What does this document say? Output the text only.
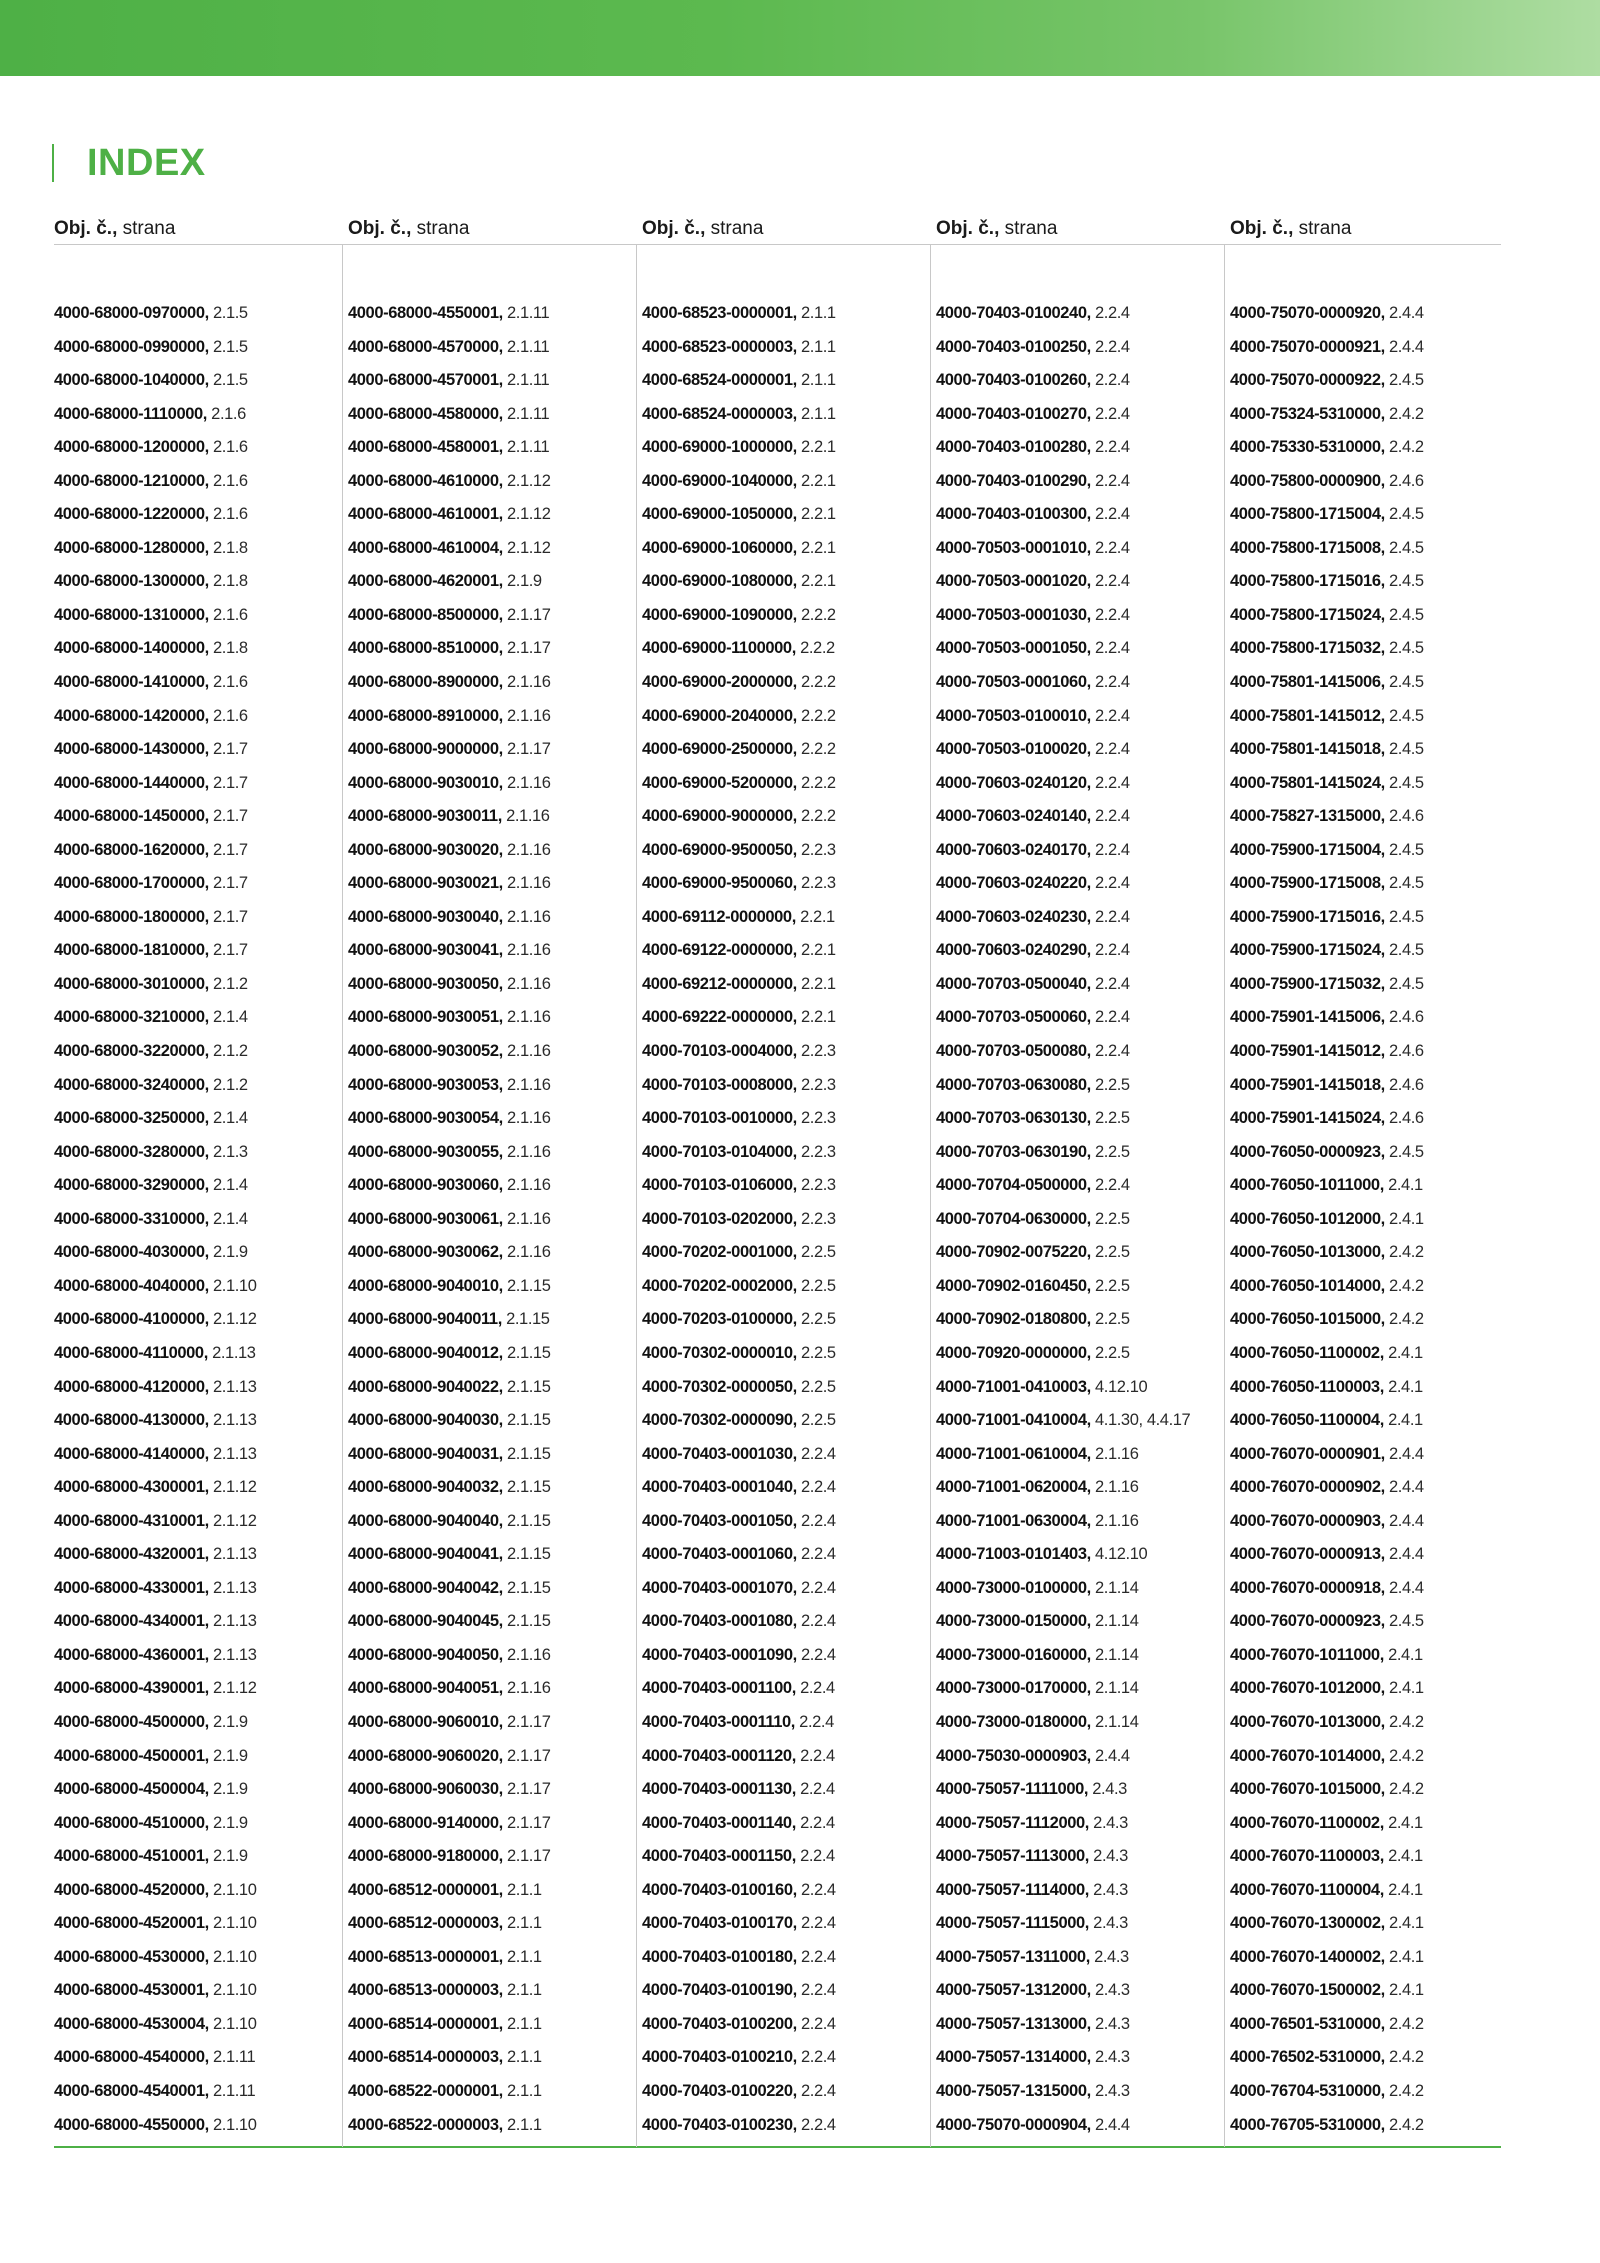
INDEX
Obj. č., strana
4000-68000-0970000, 2.1.5
4000-68000-0990000, 2.1.5
4000-68000-1040000, 2.1.5
4000-68000-1110000, 2.1.6
4000-68000-1200000, 2.1.6
4000-68000-1210000, 2.1.6
4000-68000-1220000, 2.1.6
4000-68000-1280000, 2.1.8
4000-68000-1300000, 2.1.8
4000-68000-1310000, 2.1.6
4000-68000-1400000, 2.1.8
4000-68000-1410000, 2.1.6
4000-68000-1420000, 2.1.6
4000-68000-1430000, 2.1.7
4000-68000-1440000, 2.1.7
4000-68000-1450000, 2.1.7
4000-68000-1620000, 2.1.7
4000-68000-1700000, 2.1.7
4000-68000-1800000, 2.1.7
4000-68000-1810000, 2.1.7
4000-68000-3010000, 2.1.2
4000-68000-3210000, 2.1.4
4000-68000-3220000, 2.1.2
4000-68000-3240000, 2.1.2
4000-68000-3250000, 2.1.4
4000-68000-3280000, 2.1.3
4000-68000-3290000, 2.1.4
4000-68000-3310000, 2.1.4
4000-68000-4030000, 2.1.9
4000-68000-4040000, 2.1.10
4000-68000-4100000, 2.1.12
4000-68000-4110000, 2.1.13
4000-68000-4120000, 2.1.13
4000-68000-4130000, 2.1.13
4000-68000-4140000, 2.1.13
4000-68000-4300001, 2.1.12
4000-68000-4310001, 2.1.12
4000-68000-4320001, 2.1.13
4000-68000-4330001, 2.1.13
4000-68000-4340001, 2.1.13
4000-68000-4360001, 2.1.13
4000-68000-4390001, 2.1.12
4000-68000-4500000, 2.1.9
4000-68000-4500001, 2.1.9
4000-68000-4500004, 2.1.9
4000-68000-4510000, 2.1.9
4000-68000-4510001, 2.1.9
4000-68000-4520000, 2.1.10
4000-68000-4520001, 2.1.10
4000-68000-4530000, 2.1.10
4000-68000-4530001, 2.1.10
4000-68000-4530004, 2.1.10
4000-68000-4540000, 2.1.11
4000-68000-4540001, 2.1.11
4000-68000-4550000, 2.1.10
Obj. č., strana
4000-68000-4550001, 2.1.11
4000-68000-4570000, 2.1.11
4000-68000-4570001, 2.1.11
4000-68000-4580000, 2.1.11
4000-68000-4580001, 2.1.11
4000-68000-4610000, 2.1.12
4000-68000-4610001, 2.1.12
4000-68000-4610004, 2.1.12
4000-68000-4620001, 2.1.9
4000-68000-8500000, 2.1.17
4000-68000-8510000, 2.1.17
4000-68000-8900000, 2.1.16
4000-68000-8910000, 2.1.16
4000-68000-9000000, 2.1.17
4000-68000-9030010, 2.1.16
4000-68000-9030011, 2.1.16
4000-68000-9030020, 2.1.16
4000-68000-9030021, 2.1.16
4000-68000-9030040, 2.1.16
4000-68000-9030041, 2.1.16
4000-68000-9030050, 2.1.16
4000-68000-9030051, 2.1.16
4000-68000-9030052, 2.1.16
4000-68000-9030053, 2.1.16
4000-68000-9030054, 2.1.16
4000-68000-9030055, 2.1.16
4000-68000-9030060, 2.1.16
4000-68000-9030061, 2.1.16
4000-68000-9030062, 2.1.16
4000-68000-9040010, 2.1.15
4000-68000-9040011, 2.1.15
4000-68000-9040012, 2.1.15
4000-68000-9040022, 2.1.15
4000-68000-9040030, 2.1.15
4000-68000-9040031, 2.1.15
4000-68000-9040032, 2.1.15
4000-68000-9040040, 2.1.15
4000-68000-9040041, 2.1.15
4000-68000-9040042, 2.1.15
4000-68000-9040045, 2.1.15
4000-68000-9040050, 2.1.16
4000-68000-9040051, 2.1.16
4000-68000-9060010, 2.1.17
4000-68000-9060020, 2.1.17
4000-68000-9060030, 2.1.17
4000-68000-9140000, 2.1.17
4000-68000-9180000, 2.1.17
4000-68512-0000001, 2.1.1
4000-68512-0000003, 2.1.1
4000-68513-0000001, 2.1.1
4000-68513-0000003, 2.1.1
4000-68514-0000001, 2.1.1
4000-68514-0000003, 2.1.1
4000-68522-0000001, 2.1.1
4000-68522-0000003, 2.1.1
Obj. č., strana
4000-68523-0000001, 2.1.1
4000-68523-0000003, 2.1.1
4000-68524-0000001, 2.1.1
4000-68524-0000003, 2.1.1
4000-69000-1000000, 2.2.1
4000-69000-1040000, 2.2.1
4000-69000-1050000, 2.2.1
4000-69000-1060000, 2.2.1
4000-69000-1080000, 2.2.1
4000-69000-1090000, 2.2.2
4000-69000-1100000, 2.2.2
4000-69000-2000000, 2.2.2
4000-69000-2040000, 2.2.2
4000-69000-2500000, 2.2.2
4000-69000-5200000, 2.2.2
4000-69000-9000000, 2.2.2
4000-69000-9500050, 2.2.3
4000-69000-9500060, 2.2.3
4000-69112-0000000, 2.2.1
4000-69122-0000000, 2.2.1
4000-69212-0000000, 2.2.1
4000-69222-0000000, 2.2.1
4000-70103-0004000, 2.2.3
4000-70103-0008000, 2.2.3
4000-70103-0010000, 2.2.3
4000-70103-0104000, 2.2.3
4000-70103-0106000, 2.2.3
4000-70103-0202000, 2.2.3
4000-70202-0001000, 2.2.5
4000-70202-0002000, 2.2.5
4000-70203-0100000, 2.2.5
4000-70302-0000010, 2.2.5
4000-70302-0000050, 2.2.5
4000-70302-0000090, 2.2.5
4000-70403-0001030, 2.2.4
4000-70403-0001040, 2.2.4
4000-70403-0001050, 2.2.4
4000-70403-0001060, 2.2.4
4000-70403-0001070, 2.2.4
4000-70403-0001080, 2.2.4
4000-70403-0001090, 2.2.4
4000-70403-0001100, 2.2.4
4000-70403-0001110, 2.2.4
4000-70403-0001120, 2.2.4
4000-70403-0001130, 2.2.4
4000-70403-0001140, 2.2.4
4000-70403-0001150, 2.2.4
4000-70403-0100160, 2.2.4
4000-70403-0100170, 2.2.4
4000-70403-0100180, 2.2.4
4000-70403-0100190, 2.2.4
4000-70403-0100200, 2.2.4
4000-70403-0100210, 2.2.4
4000-70403-0100220, 2.2.4
4000-70403-0100230, 2.2.4
Obj. č., strana
4000-70403-0100240, 2.2.4
4000-70403-0100250, 2.2.4
4000-70403-0100260, 2.2.4
4000-70403-0100270, 2.2.4
4000-70403-0100280, 2.2.4
4000-70403-0100290, 2.2.4
4000-70403-0100300, 2.2.4
4000-70503-0001010, 2.2.4
4000-70503-0001020, 2.2.4
4000-70503-0001030, 2.2.4
4000-70503-0001050, 2.2.4
4000-70503-0001060, 2.2.4
4000-70503-0100010, 2.2.4
4000-70503-0100020, 2.2.4
4000-70603-0240120, 2.2.4
4000-70603-0240140, 2.2.4
4000-70603-0240170, 2.2.4
4000-70603-0240220, 2.2.4
4000-70603-0240230, 2.2.4
4000-70603-0240290, 2.2.4
4000-70703-0500040, 2.2.4
4000-70703-0500060, 2.2.4
4000-70703-0500080, 2.2.4
4000-70703-0630080, 2.2.5
4000-70703-0630130, 2.2.5
4000-70703-0630190, 2.2.5
4000-70704-0500000, 2.2.4
4000-70704-0630000, 2.2.5
4000-70902-0075220, 2.2.5
4000-70902-0160450, 2.2.5
4000-70902-0180800, 2.2.5
4000-70920-0000000, 2.2.5
4000-71001-0410003, 4.12.10
4000-71001-0410004, 4.1.30, 4.4.17
4000-71001-0610004, 2.1.16
4000-71001-0620004, 2.1.16
4000-71001-0630004, 2.1.16
4000-71003-0101403, 4.12.10
4000-73000-0100000, 2.1.14
4000-73000-0150000, 2.1.14
4000-73000-0160000, 2.1.14
4000-73000-0170000, 2.1.14
4000-73000-0180000, 2.1.14
4000-75030-0000903, 2.4.4
4000-75057-1111000, 2.4.3
4000-75057-1112000, 2.4.3
4000-75057-1113000, 2.4.3
4000-75057-1114000, 2.4.3
4000-75057-1115000, 2.4.3
4000-75057-1311000, 2.4.3
4000-75057-1312000, 2.4.3
4000-75057-1313000, 2.4.3
4000-75057-1314000, 2.4.3
4000-75057-1315000, 2.4.3
4000-75070-0000904, 2.4.4
Obj. č., strana
4000-75070-0000920, 2.4.4
4000-75070-0000921, 2.4.4
4000-75070-0000922, 2.4.5
4000-75324-5310000, 2.4.2
4000-75330-5310000, 2.4.2
4000-75800-0000900, 2.4.6
4000-75800-1715004, 2.4.5
4000-75800-1715008, 2.4.5
4000-75800-1715016, 2.4.5
4000-75800-1715024, 2.4.5
4000-75800-1715032, 2.4.5
4000-75801-1415006, 2.4.5
4000-75801-1415012, 2.4.5
4000-75801-1415018, 2.4.5
4000-75801-1415024, 2.4.5
4000-75827-1315000, 2.4.6
4000-75900-1715004, 2.4.5
4000-75900-1715008, 2.4.5
4000-75900-1715016, 2.4.5
4000-75900-1715024, 2.4.5
4000-75900-1715032, 2.4.5
4000-75901-1415006, 2.4.6
4000-75901-1415012, 2.4.6
4000-75901-1415018, 2.4.6
4000-75901-1415024, 2.4.6
4000-76050-0000923, 2.4.5
4000-76050-1011000, 2.4.1
4000-76050-1012000, 2.4.1
4000-76050-1013000, 2.4.2
4000-76050-1014000, 2.4.2
4000-76050-1015000, 2.4.2
4000-76050-1100002, 2.4.1
4000-76050-1100003, 2.4.1
4000-76050-1100004, 2.4.1
4000-76070-0000901, 2.4.4
4000-76070-0000902, 2.4.4
4000-76070-0000903, 2.4.4
4000-76070-0000913, 2.4.4
4000-76070-0000918, 2.4.4
4000-76070-0000923, 2.4.5
4000-76070-1011000, 2.4.1
4000-76070-1012000, 2.4.1
4000-76070-1013000, 2.4.2
4000-76070-1014000, 2.4.2
4000-76070-1015000, 2.4.2
4000-76070-1100002, 2.4.1
4000-76070-1100003, 2.4.1
4000-76070-1100004, 2.4.1
4000-76070-1300002, 2.4.1
4000-76070-1400002, 2.4.1
4000-76070-1500002, 2.4.1
4000-76501-5310000, 2.4.2
4000-76502-5310000, 2.4.2
4000-76704-5310000, 2.4.2
4000-76705-5310000, 2.4.2
